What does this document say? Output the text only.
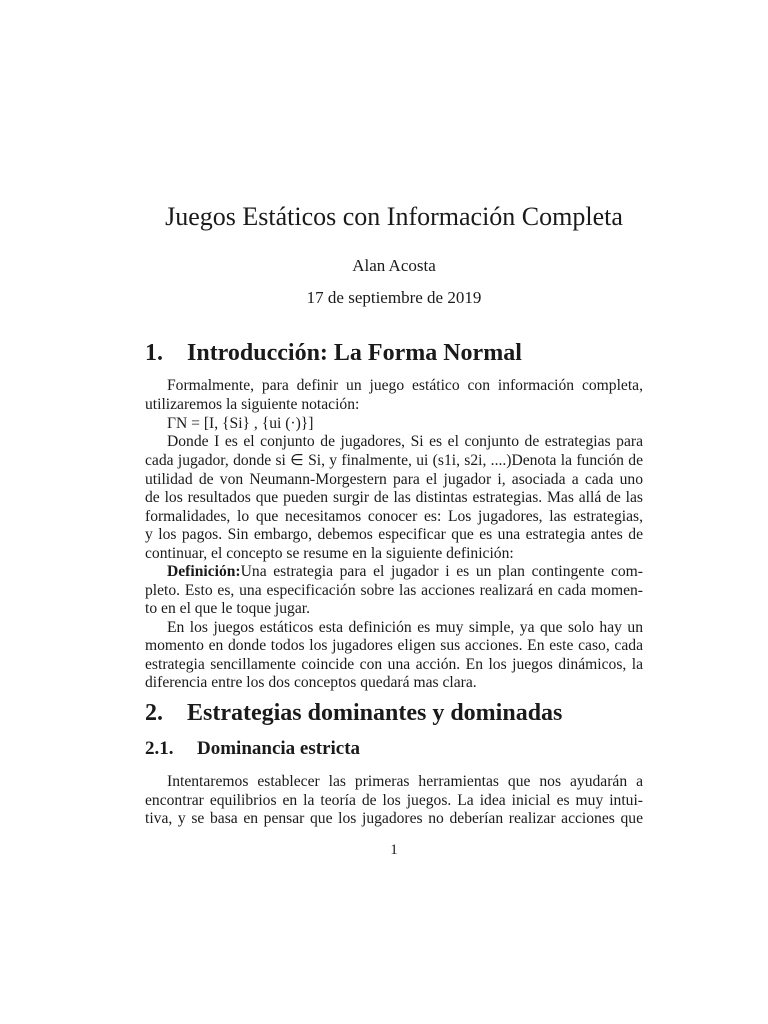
Juegos Estáticos con Información Completa
Alan Acosta
17 de septiembre de 2019
1. Introducción: La Forma Normal
Formalmente, para definir un juego estático con información completa,
utilizaremos la siguiente notación:
ΓN = [I, {Si} , {ui (·)}]
Donde I es el conjunto de jugadores, Si es el conjunto de estrategias para
cada jugador, donde si ∈ Si, y finalmente, ui (s1i, s2i, ....)Denota la función de
utilidad de von Neumann-Morgestern para el jugador i, asociada a cada uno
de los resultados que pueden surgir de las distintas estrategias. Mas allá de las
formalidades, lo que necesitamos conocer es: Los jugadores, las estrategias,
y los pagos. Sin embargo, debemos especificar que es una estrategia antes de
continuar, el concepto se resume en la siguiente definición:
Definición:Una estrategia para el jugador i es un plan contingente com-
pleto. Esto es, una especificación sobre las acciones realizará en cada momen-
to en el que le toque jugar.
En los juegos estáticos esta definición es muy simple, ya que solo hay un
momento en donde todos los jugadores eligen sus acciones. En este caso, cada
estrategia sencillamente coincide con una acción. En los juegos dinámicos, la
diferencia entre los dos conceptos quedará mas clara.
2. Estrategias dominantes y dominadas
2.1. Dominancia estricta
Intentaremos establecer las primeras herramientas que nos ayudarán a
encontrar equilibrios en la teoría de los juegos. La idea inicial es muy intui-
tiva, y se basa en pensar que los jugadores no deberían realizar acciones que
1
